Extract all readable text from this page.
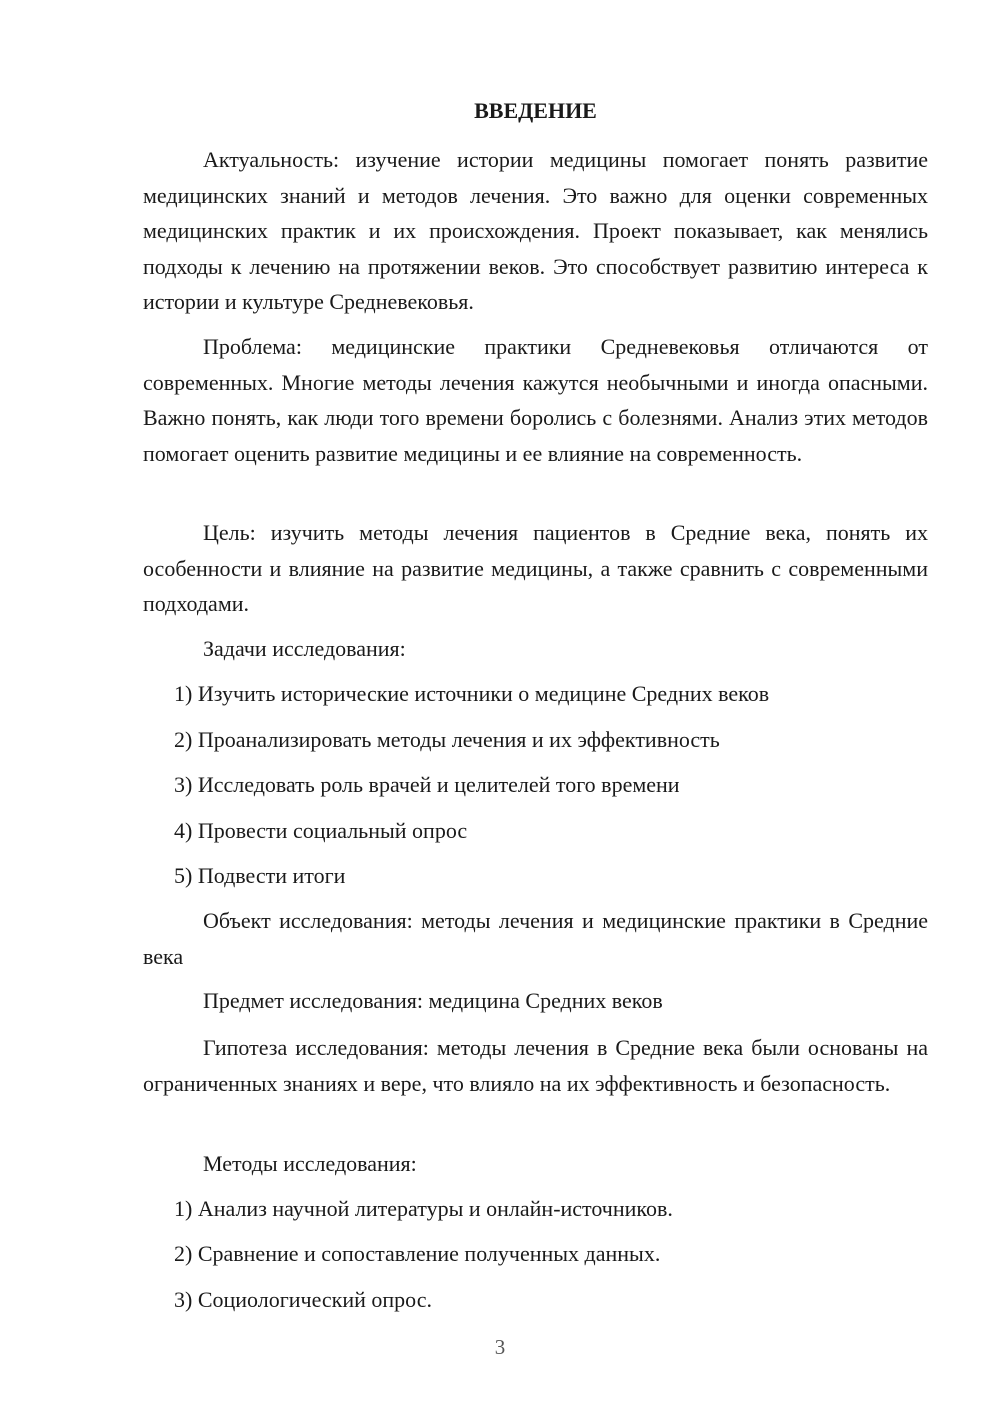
ВВЕДЕНИЕ

Актуальность: изучение истории медицины помогает понять развитие медицинских знаний и методов лечения. Это важно для оценки современных медицинских практик и их происхождения. Проект показывает, как менялись подходы к лечению на протяжении веков. Это способствует развитию интереса к истории и культуре Средневековья.

Проблема: медицинские практики Средневековья отличаются от современных. Многие методы лечения кажутся необычными и иногда опасными. Важно понять, как люди того времени боролись с болезнями. Анализ этих методов помогает оценить развитие медицины и ее влияние на современность.

Цель: изучить методы лечения пациентов в Средние века, понять их особенности и влияние на развитие медицины, а также сравнить с современными подходами.

Задачи исследования:

1) Изучить исторические источники о медицине Средних веков

2) Проанализировать методы лечения и их эффективность

3) Исследовать роль врачей и целителей того времени

4) Провести социальный опрос

5) Подвести итоги

Объект исследования: методы лечения и медицинские практики в Средние века

Предмет исследования: медицина Средних веков

Гипотеза исследования: методы лечения в Средние века были основаны на ограниченных знаниях и вере, что влияло на их эффективность и безопасность.

Методы исследования:

1) Анализ научной литературы и онлайн-источников.

2) Сравнение и сопоставление полученных данных.

3) Социологический опрос.

3
